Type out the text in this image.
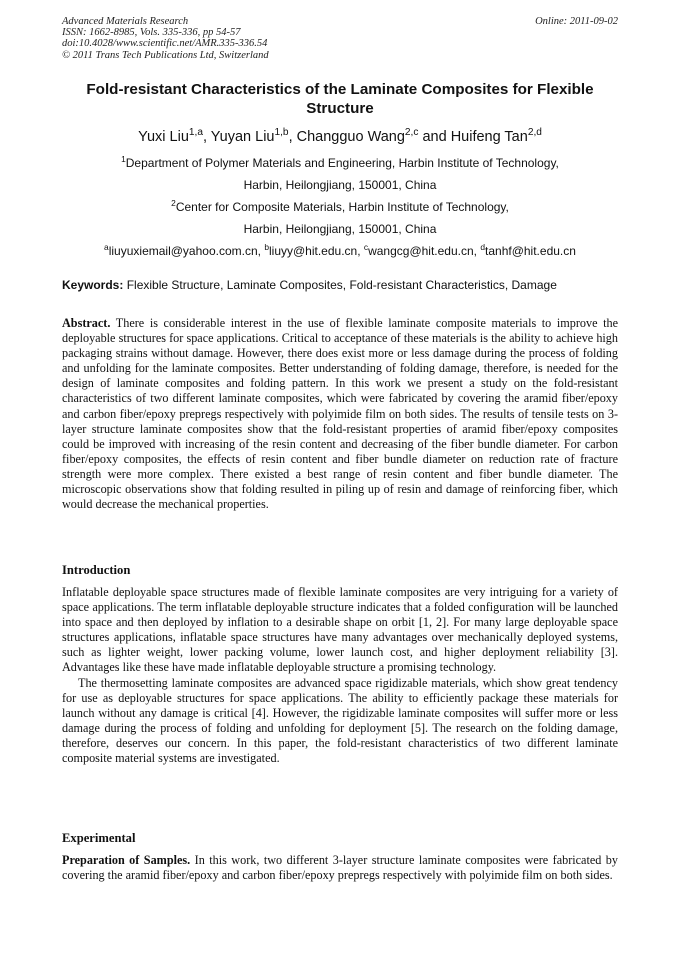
Advanced Materials Research
ISSN: 1662-8985, Vols. 335-336, pp 54-57
doi:10.4028/www.scientific.net/AMR.335-336.54
© 2011 Trans Tech Publications Ltd, Switzerland
Online: 2011-09-02
Fold-resistant Characteristics of the Laminate Composites for Flexible Structure
Yuxi Liu$^{1,a}$, Yuyan Liu$^{1,b}$, Changguo Wang$^{2,c}$ and Huifeng Tan$^{2,d}$
$^1$Department of Polymer Materials and Engineering, Harbin Institute of Technology,
Harbin, Heilongjiang, 150001, China
$^2$Center for Composite Materials, Harbin Institute of Technology,
Harbin, Heilongjiang, 150001, China
$^a$liuyuxiemail@yahoo.com.cn, $^b$liuyy@hit.edu.cn, $^c$wangcg@hit.edu.cn, $^d$tanhf@hit.edu.cn
Keywords: Flexible Structure, Laminate Composites, Fold-resistant Characteristics, Damage

Abstract. There is considerable interest in the use of flexible laminate composite materials to improve the deployable structures for space applications. Critical to acceptance of these materials is the ability to achieve high packaging strains without damage. However, there does exist more or less damage during the process of folding and unfolding for the laminate composites. Better understanding of folding damage, therefore, is needed for the design of laminate composites and folding pattern. In this work we present a study on the fold-resistant characteristics of two different laminate composites, which were fabricated by covering the aramid fiber/epoxy and carbon fiber/epoxy prepregs respectively with polyimide film on both sides. The results of tensile tests on 3-layer structure laminate composites show that the fold-resistant properties of aramid fiber/epoxy composites could be improved with increasing of the resin content and decreasing of the fiber bundle diameter. For carbon fiber/epoxy composites, the effects of resin content and fiber bundle diameter on reduction rate of fracture strength were more complex. There existed a best range of resin content and fiber bundle diameter. The microscopic observations show that folding resulted in piling up of resin and damage of reinforcing fiber, which would decrease the mechanical properties.

Introduction

Inflatable deployable space structures made of flexible laminate composites are very intriguing for a variety of space applications. The term inflatable deployable structure indicates that a folded configuration will be launched into space and then deployed by inflation to a desirable shape on orbit [1, 2]. For many large deployable space structures applications, inflatable space structures have many advantages over mechanically deployed systems, such as lighter weight, lower packing volume, lower launch cost, and higher deployment reliability [3]. Advantages like these have made inflatable deployable structure a promising technology.

The thermosetting laminate composites are advanced space rigidizable materials, which show great tendency for use as deployable structures for space applications. The ability to efficiently package these materials for launch without any damage is critical [4]. However, the rigidizable laminate composites will suffer more or less damage during the process of folding and unfolding for deployment [5]. The research on the folding damage, therefore, deserves our concern. In this paper, the fold-resistant characteristics of two different laminate composite material systems are investigated.

Experimental

Preparation of Samples. In this work, two different 3-layer structure laminate composites were fabricated by covering the aramid fiber/epoxy and carbon fiber/epoxy prepregs respectively with polyimide film on both sides.
